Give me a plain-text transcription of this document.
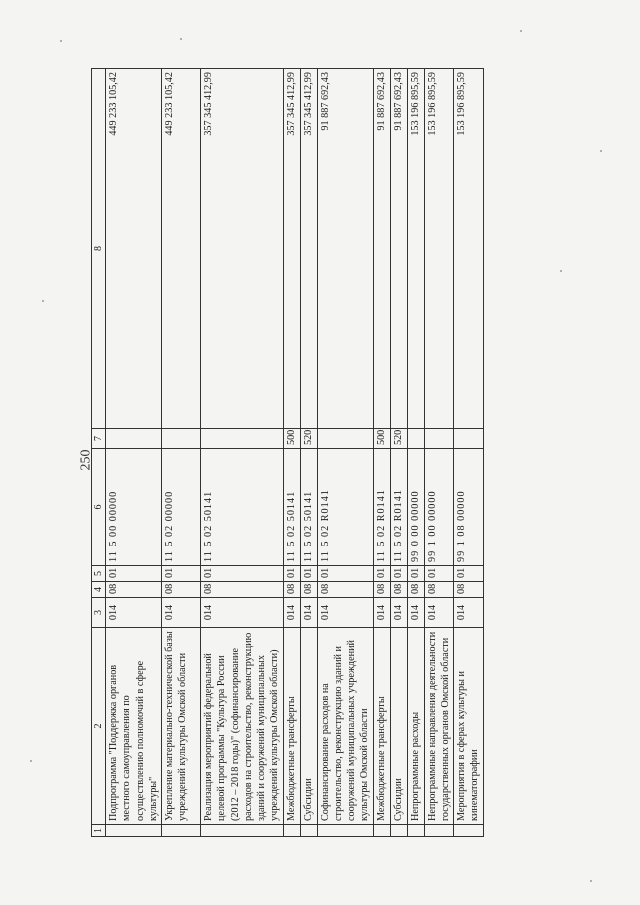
250
1	2	3	4	5	6	7	8
	Подпрограмма "Поддержка органов местного самоуправления по осуществлению полномочий в сфере культуры"	014	08	01	11 5 00 00000		449 233 105,42
	Укрепление материально-технической базы учреждений культуры Омской области	014	08	01	11 5 02 00000		449 233 105,42
	Реализация мероприятий федеральной целевой программы "Культура России (2012 – 2018 годы)" (софинансирование расходов на строительство, реконструкцию зданий и сооружений муниципальных учреждений культуры Омской области)	014	08	01	11 5 02 50141		357 345 412,99
	Межбюджетные трансферты	014	08	01	11 5 02 50141	500	357 345 412,99
	Субсидии	014	08	01	11 5 02 50141	520	357 345 412,99
	Софинансирование расходов на строительство, реконструкцию зданий и сооружений муниципальных учреждений культуры Омской области	014	08	01	11 5 02 R0141		91 887 692,43
	Межбюджетные трансферты	014	08	01	11 5 02 R0141	500	91 887 692,43
	Субсидии	014	08	01	11 5 02 R0141	520	91 887 692,43
	Непрограммные расходы	014	08	01	99 0 00 00000		153 196 895,59
	Непрограммные направления деятельности государственных органов Омской области	014	08	01	99 1 00 00000		153 196 895,59
	Мероприятия в сферах культуры и кинематографии	014	08	01	99 1 08 00000		153 196 895,59
